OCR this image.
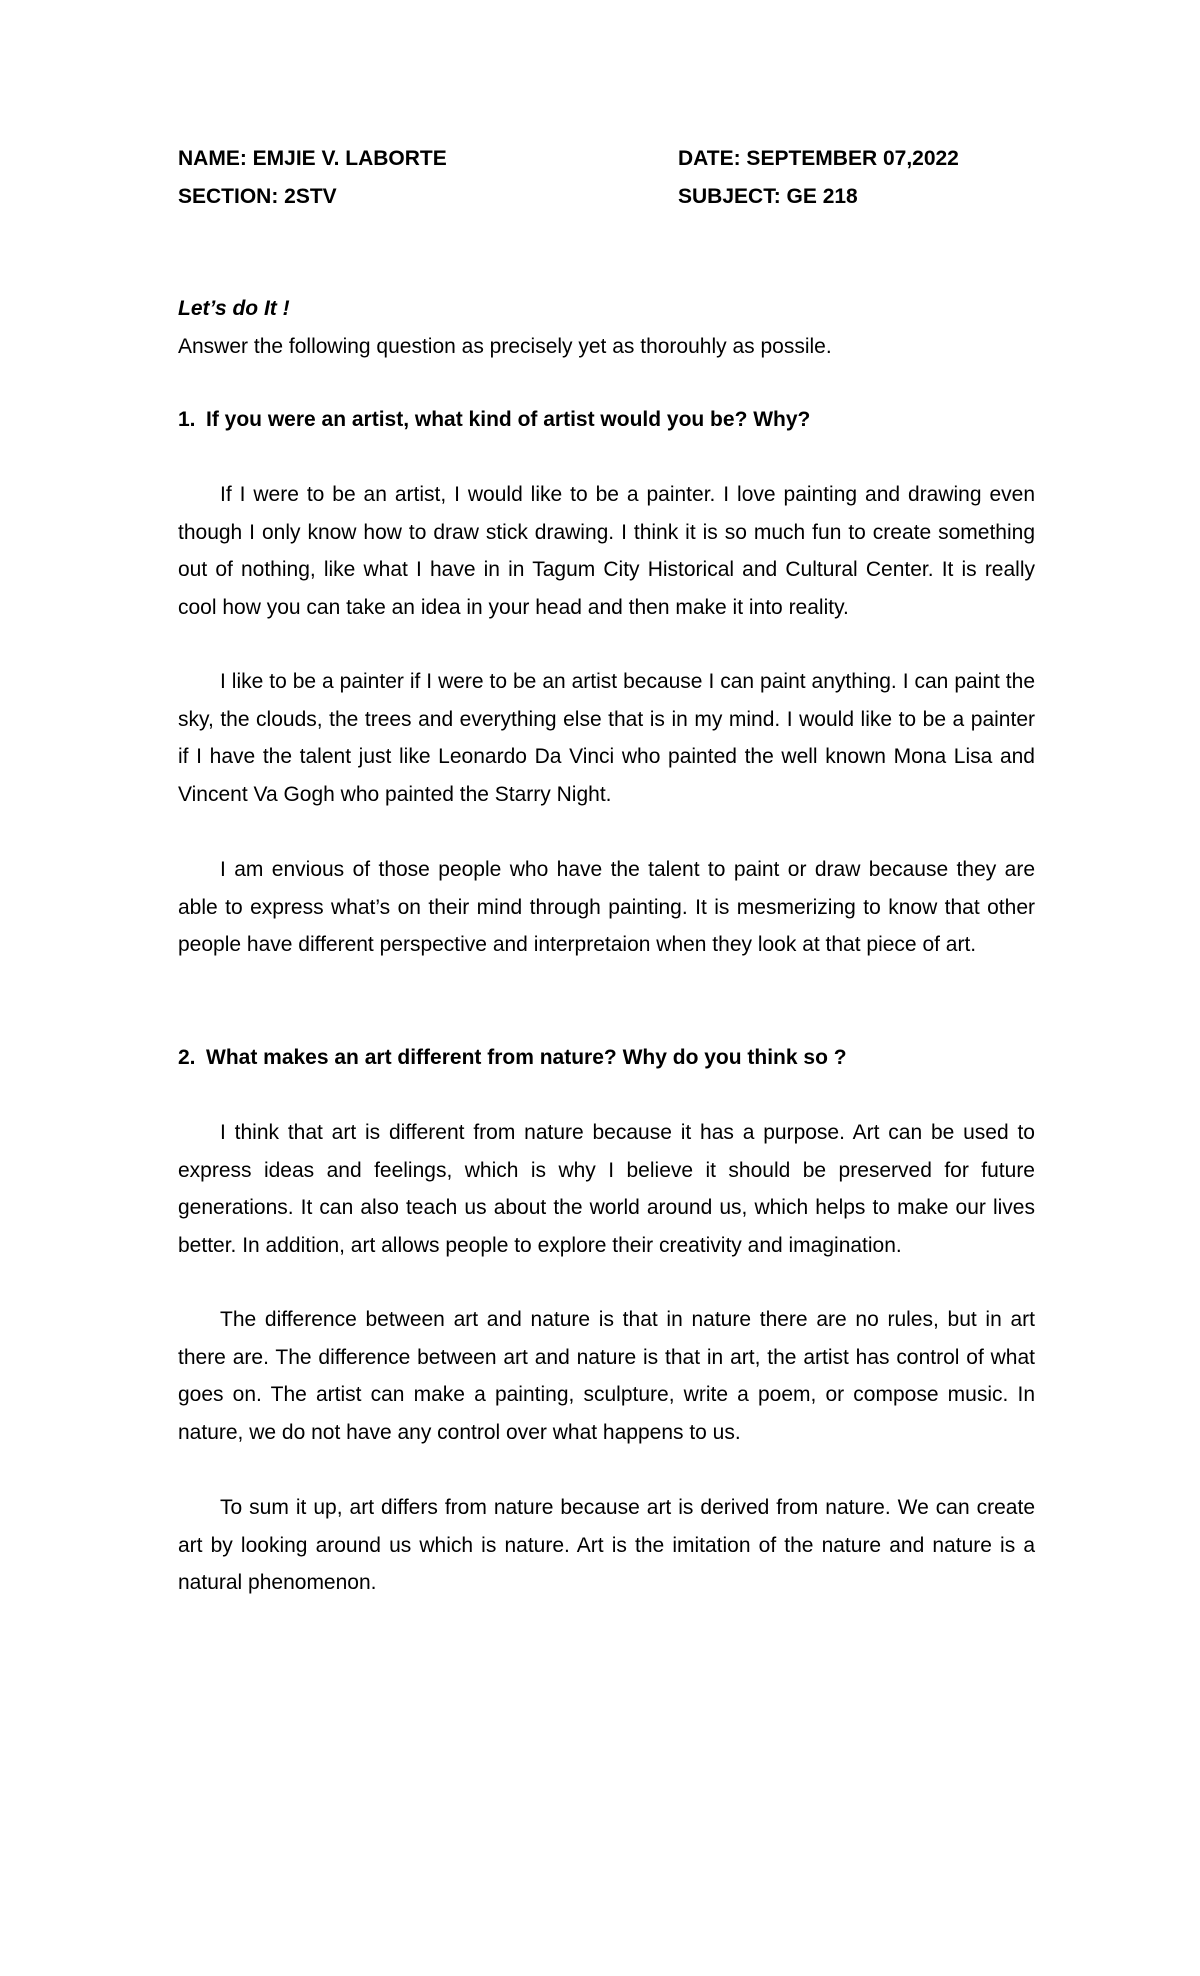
NAME: EMJIE V. LABORTE	DATE: SEPTEMBER 07,2022
SECTION: 2STV	SUBJECT: GE 218
Let’s do It !
Answer the following question as precisely yet as thorouhly as possile.
1. If you were an artist, what kind of artist would you be? Why?

If I were to be an artist, I would like to be a painter. I love painting and drawing even though I only know how to draw stick drawing. I think it is so much fun to create something out of nothing, like what I have in in Tagum City Historical and Cultural Center. It is really cool how you can take an idea in your head and then make it into reality.

I like to be a painter if I were to be an artist because I can paint anything. I can paint the sky, the clouds, the trees and everything else that is in my mind. I would like to be a painter if I have the talent just like Leonardo Da Vinci who painted the well known Mona Lisa and Vincent Va Gogh who painted the Starry Night.

I am envious of those people who have the talent to paint or draw because they are able to express what’s on their mind through painting. It is mesmerizing to know that other people have different perspective and interpretaion when they look at that piece of art.

2. What makes an art different from nature? Why do you think so ?

I think that art is different from nature because it has a purpose. Art can be used to express ideas and feelings, which is why I believe it should be preserved for future generations. It can also teach us about the world around us, which helps to make our lives better. In addition, art allows people to explore their creativity and imagination.

The difference between art and nature is that in nature there are no rules, but in art there are. The difference between art and nature is that in art, the artist has control of what goes on. The artist can make a painting, sculpture, write a poem, or compose music. In nature, we do not have any control over what happens to us.

To sum it up, art differs from nature because art is derived from nature. We can create art by looking around us which is nature. Art is the imitation of the nature and nature is a natural phenomenon.
